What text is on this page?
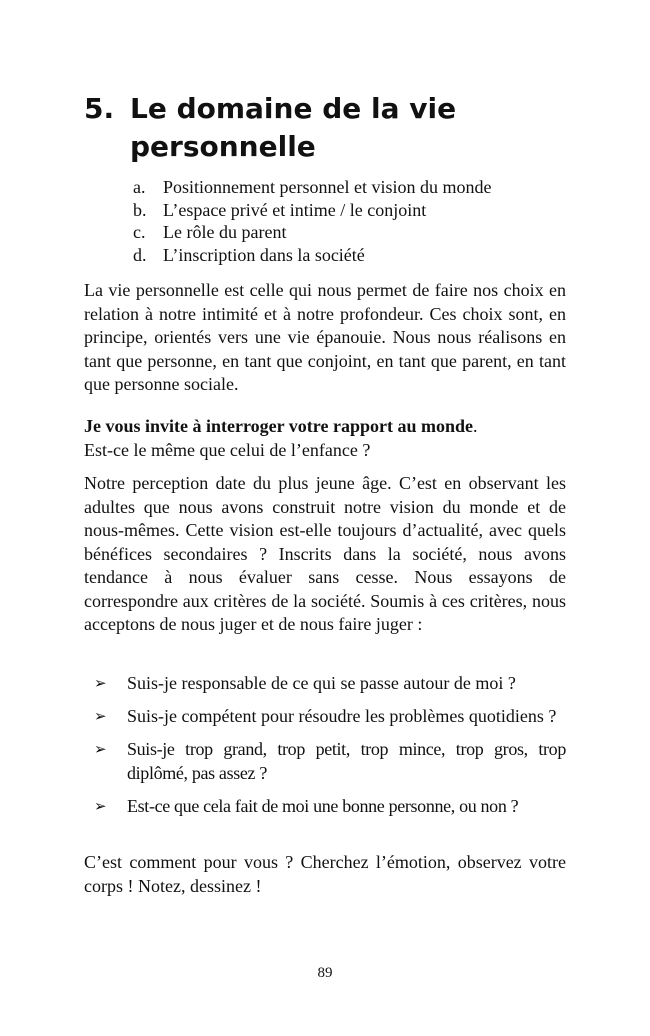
5. Le domaine de la vie personnelle
a. Positionnement personnel et vision du monde
b. L’espace privé et intime / le conjoint
c. Le rôle du parent
d. L’inscription dans la société

La vie personnelle est celle qui nous permet de faire nos choix en relation à notre intimité et à notre profondeur. Ces choix sont, en principe, orientés vers une vie épanouie. Nous nous réalisons en tant que personne, en tant que conjoint, en tant que parent, en tant que personne sociale.

Je vous invite à interroger votre rapport au monde.
Est-ce le même que celui de l’enfance ?

Notre perception date du plus jeune âge. C’est en observant les adultes que nous avons construit notre vision du monde et de nous-mêmes. Cette vision est-elle toujours d’actualité, avec quels bénéfices secondaires ? Inscrits dans la société, nous avons tendance à nous évaluer sans cesse. Nous essayons de correspondre aux critères de la société. Soumis à ces critères, nous acceptons de nous juger et de nous faire juger :

➢ Suis-je responsable de ce qui se passe autour de moi ?
➢ Suis-je compétent pour résoudre les problèmes quotidiens ?
➢ Suis-je trop grand, trop petit, trop mince, trop gros, trop diplômé, pas assez ?
➢ Est-ce que cela fait de moi une bonne personne, ou non ?

C’est comment pour vous ? Cherchez l’émotion, observez votre corps ! Notez, dessinez !

89
